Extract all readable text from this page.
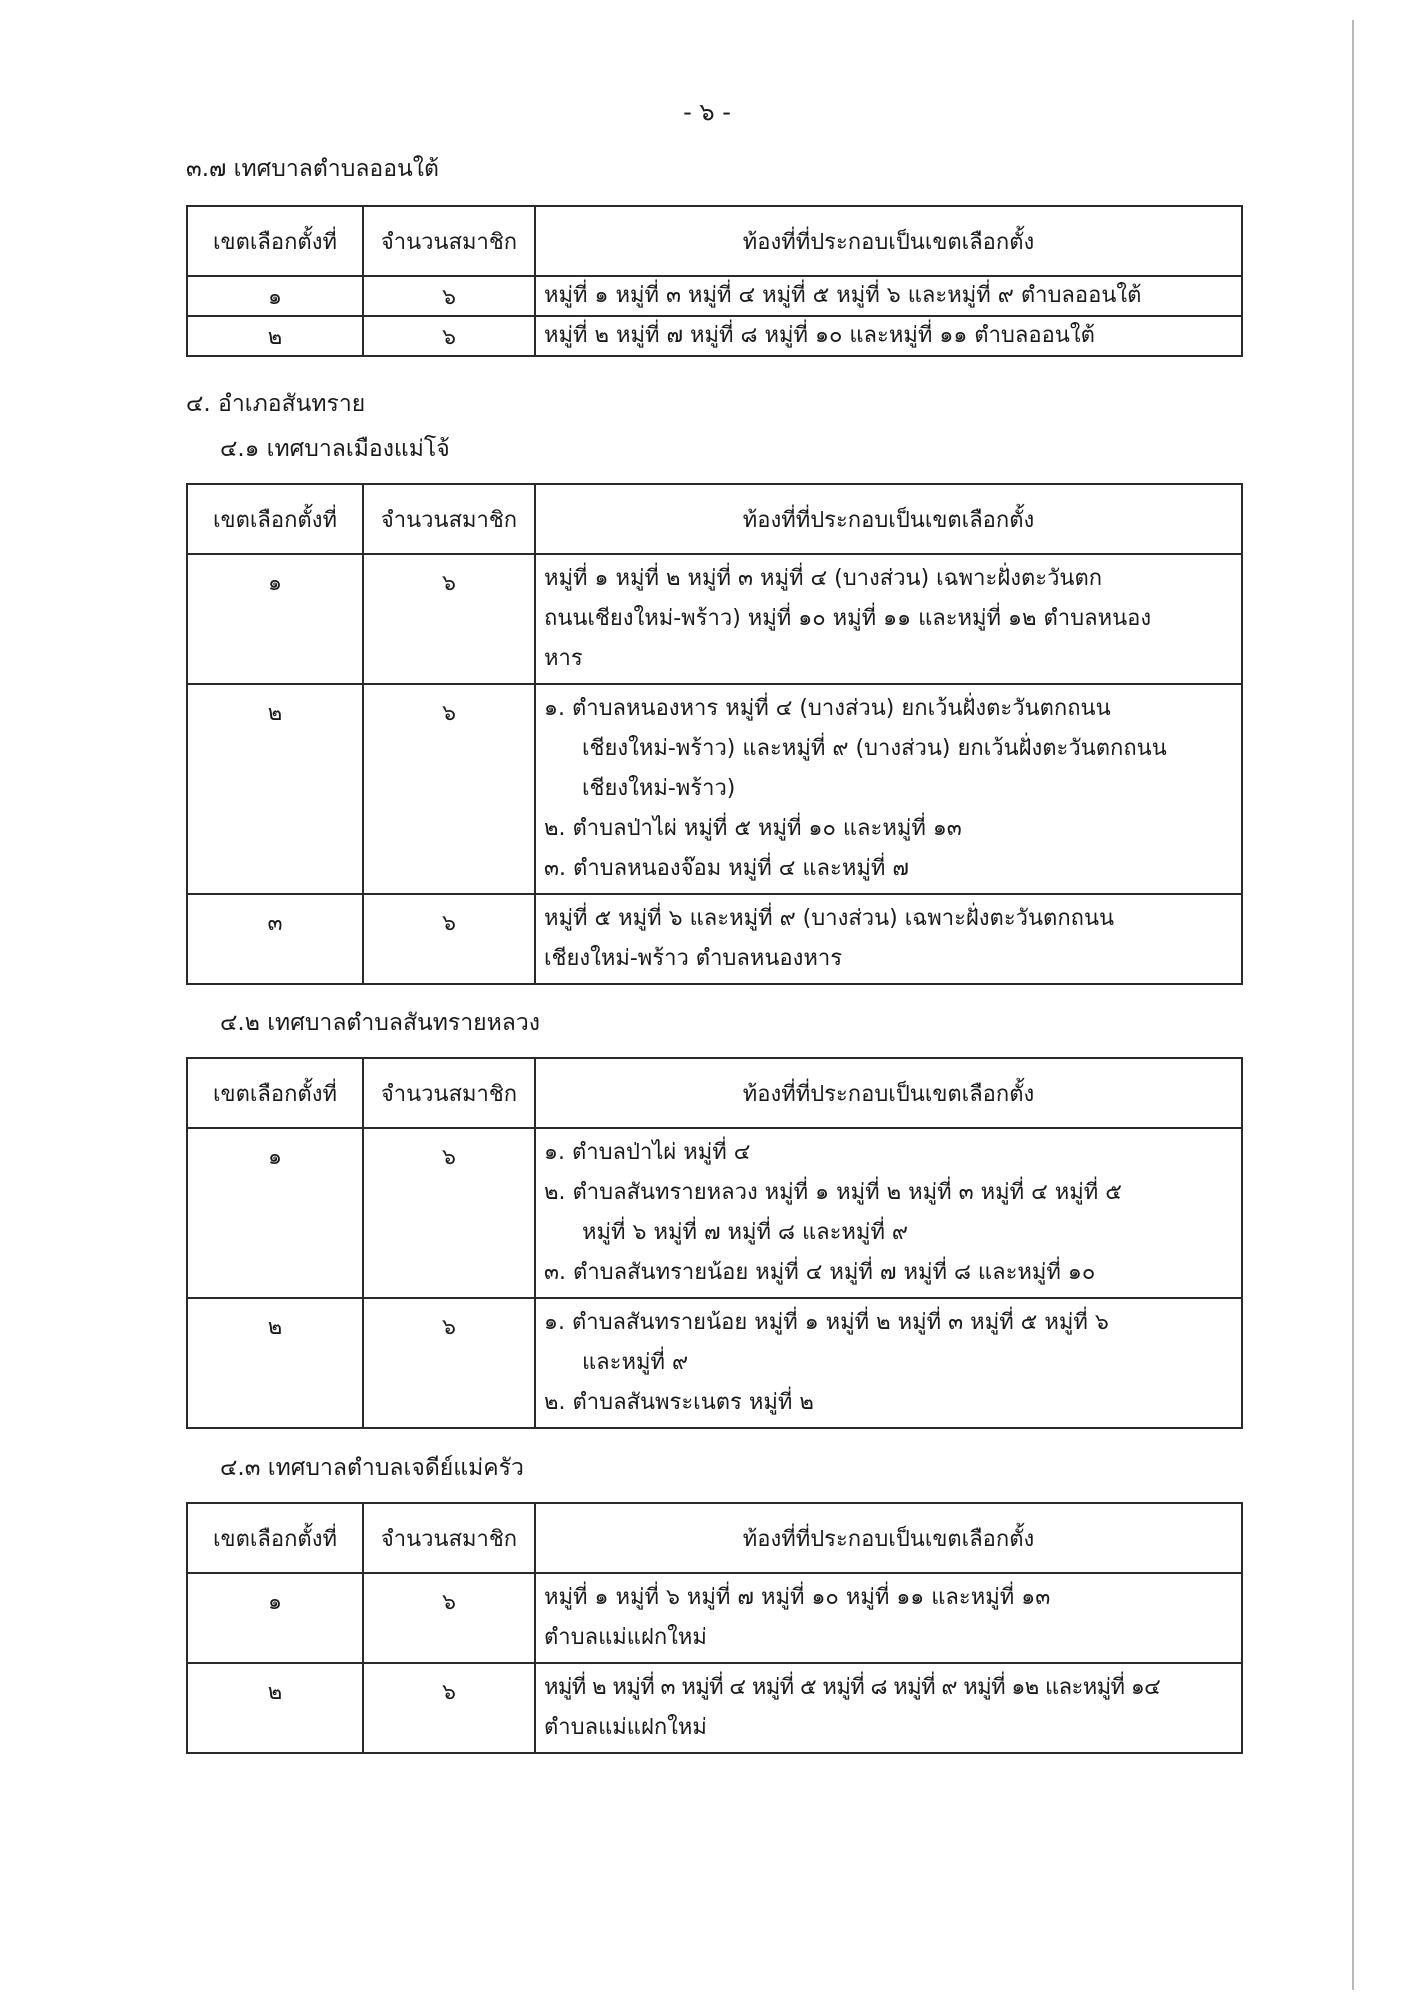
- ๖ -
๓.๗ เทศบาลตำบลออนใต้
เขตเลือกตั้งที่	จำนวนสมาชิก	ท้องที่ที่ประกอบเป็นเขตเลือกตั้ง
๑	๖	หมู่ที่ ๑ หมู่ที่ ๓ หมู่ที่ ๔ หมู่ที่ ๕ หมู่ที่ ๖ และหมู่ที่ ๙ ตำบลออนใต้

๒	๖	หมู่ที่ ๒ หมู่ที่ ๗ หมู่ที่ ๘ หมู่ที่ ๑๐ และหมู่ที่ ๑๑ ตำบลออนใต้
๔. อำเภอสันทราย
๔.๑ เทศบาลเมืองแม่โจ้
เขตเลือกตั้งที่	จำนวนสมาชิก	ท้องที่ที่ประกอบเป็นเขตเลือกตั้ง
๑	๖	หมู่ที่ ๑ หมู่ที่ ๒ หมู่ที่ ๓ หมู่ที่ ๔ (บางส่วน) เฉพาะฝั่งตะวันตก
ถนนเชียงใหม่-พร้าว) หมู่ที่ ๑๐ หมู่ที่ ๑๑ และหมู่ที่ ๑๒ ตำบลหนอง
หาร

๒	๖	๑. ตำบลหนองหาร หมู่ที่ ๔ (บางส่วน) ยกเว้นฝั่งตะวันตกถนน
เชียงใหม่-พร้าว) และหมู่ที่ ๙ (บางส่วน) ยกเว้นฝั่งตะวันตกถนน
เชียงใหม่-พร้าว)
๒. ตำบลป่าไผ่ หมู่ที่ ๕ หมู่ที่ ๑๐ และหมู่ที่ ๑๓
๓. ตำบลหนองจ๊อม หมู่ที่ ๔ และหมู่ที่ ๗

๓	๖	หมู่ที่ ๕ หมู่ที่ ๖ และหมู่ที่ ๙ (บางส่วน) เฉพาะฝั่งตะวันตกถนน
เชียงใหม่-พร้าว ตำบลหนองหาร
๔.๒ เทศบาลตำบลสันทรายหลวง
เขตเลือกตั้งที่	จำนวนสมาชิก	ท้องที่ที่ประกอบเป็นเขตเลือกตั้ง
๑	๖	๑. ตำบลป่าไผ่ หมู่ที่ ๔
๒. ตำบลสันทรายหลวง หมู่ที่ ๑ หมู่ที่ ๒ หมู่ที่ ๓ หมู่ที่ ๔ หมู่ที่ ๕
หมู่ที่ ๖ หมู่ที่ ๗ หมู่ที่ ๘ และหมู่ที่ ๙
๓. ตำบลสันทรายน้อย หมู่ที่ ๔ หมู่ที่ ๗ หมู่ที่ ๘ และหมู่ที่ ๑๐

๒	๖	๑. ตำบลสันทรายน้อย หมู่ที่ ๑ หมู่ที่ ๒ หมู่ที่ ๓ หมู่ที่ ๕ หมู่ที่ ๖
และหมู่ที่ ๙
๒. ตำบลสันพระเนตร หมู่ที่ ๒
๔.๓ เทศบาลตำบลเจดีย์แม่ครัว
เขตเลือกตั้งที่	จำนวนสมาชิก	ท้องที่ที่ประกอบเป็นเขตเลือกตั้ง
๑	๖	หมู่ที่ ๑ หมู่ที่ ๖ หมู่ที่ ๗ หมู่ที่ ๑๐ หมู่ที่ ๑๑ และหมู่ที่ ๑๓
ตำบลแม่แฝกใหม่

๒	๖	หมู่ที่ ๒ หมู่ที่ ๓ หมู่ที่ ๔ หมู่ที่ ๕ หมู่ที่ ๘ หมู่ที่ ๙ หมู่ที่ ๑๒ และหมู่ที่ ๑๔
ตำบลแม่แฝกใหม่
